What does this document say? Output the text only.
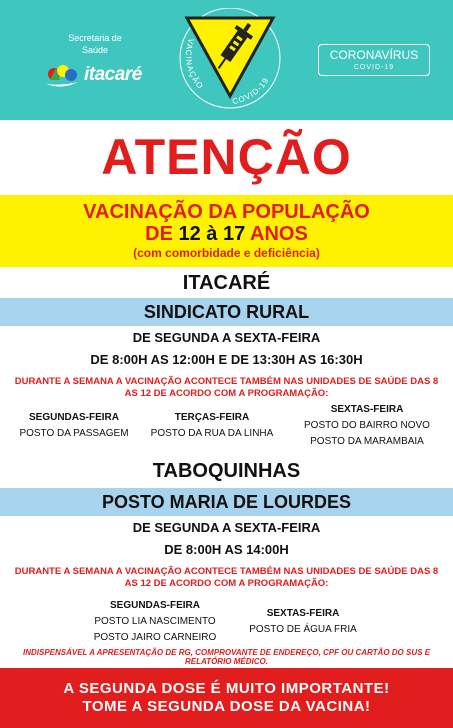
Secretaria de
Saúde
itacaré
VACINAÇÃO
COVID-19
CORONAVÍRUS
COVID-19
ATENÇÃO
VACINAÇÃO DA POPULAÇÃO
DE 12 à 17 ANOS
(com comorbidade e deficiência)
ITACARÉ
SINDICATO RURAL
DE SEGUNDA A SEXTA-FEIRA
DE 8:00H AS 12:00H E DE 13:30H AS 16:30H
DURANTE A SEMANA A VACINAÇÃO ACONTECE TAMBÉM NAS UNIDADES DE SAÚDE DAS 8 AS 12 DE ACORDO COM A PROGRAMAÇÃO:
SEGUNDAS-FEIRA
POSTO DA PASSAGEM
TERÇAS-FEIRA
POSTO DA RUA DA LINHA
SEXTAS-FEIRA
POSTO DO BAIRRO NOVO
POSTO DA MARAMBAIA
TABOQUINHAS
POSTO MARIA DE LOURDES
DE SEGUNDA A SEXTA-FEIRA
DE 8:00H AS 14:00H
DURANTE A SEMANA A VACINAÇÃO ACONTECE TAMBÉM NAS UNIDADES DE SAÚDE DAS 8 AS 12 DE ACORDO COM A PROGRAMAÇÃO:
SEGUNDAS-FEIRA
POSTO LIA NASCIMENTO
POSTO JAIRO CARNEIRO
SEXTAS-FEIRA
POSTO DE ÁGUA FRIA
INDISPENSÁVEL A APRESENTAÇÃO DE RG, COMPROVANTE DE ENDEREÇO, CPF OU CARTÃO DO SUS E RELATÓRIO MÉDICO.
A SEGUNDA DOSE É MUITO IMPORTANTE!
TOME A SEGUNDA DOSE DA VACINA!
